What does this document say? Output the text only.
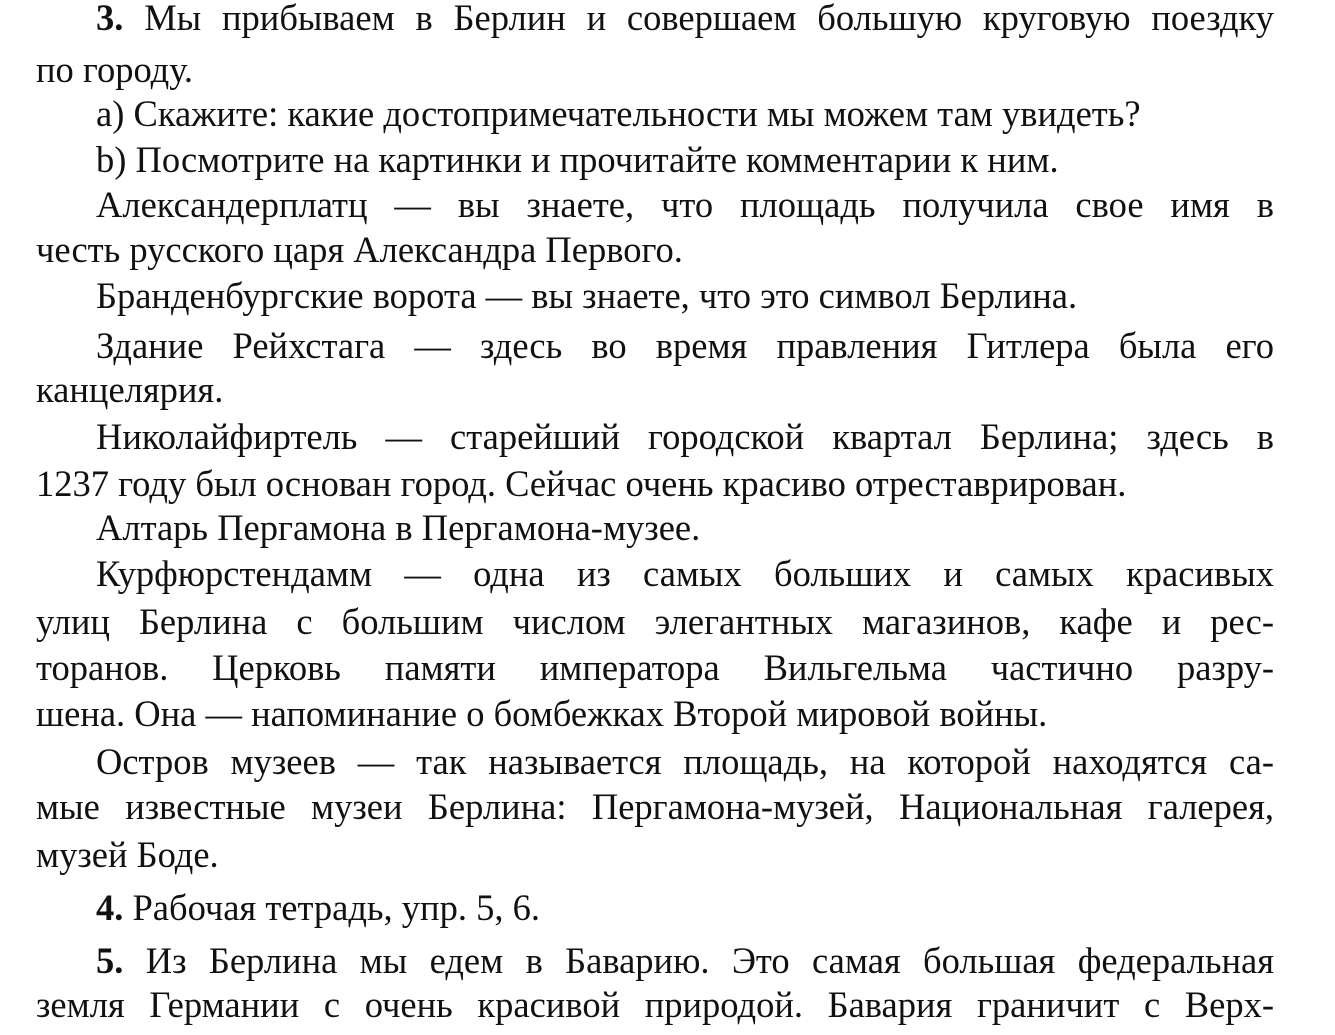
3. Мы прибываем в Берлин и совершаем большую круговую поездку
по городу.
а) Скажите: какие достопримечательности мы можем там увидеть?
b) Посмотрите на картинки и прочитайте комментарии к ним.
Александерплатц — вы знаете, что площадь получила свое имя в
честь русского царя Александра Первого.
Бранденбургские ворота — вы знаете, что это символ Берлина.
Здание Рейхстага — здесь во время правления Гитлера была его
канцелярия.
Николайфиртель — старейший городской квартал Берлина; здесь в
1237 году был основан город. Сейчас очень красиво отреставрирован.
Алтарь Пергамона в Пергамона-музее.
Курфюрстендамм — одна из самых больших и самых красивых
улиц Берлина с большим числом элегантных магазинов, кафе и рес-
торанов. Церковь памяти императора Вильгельма частично разру-
шена. Она — напоминание о бомбежках Второй мировой войны.
Остров музеев — так называется площадь, на которой находятся са-
мые известные музеи Берлина: Пергамона-музей, Национальная галерея,
музей Боде.
4. Рабочая тетрадь, упр. 5, 6.
5. Из Берлина мы едем в Баварию. Это самая большая федеральная
земля Германии с очень красивой природой. Бавария граничит с Верх-
